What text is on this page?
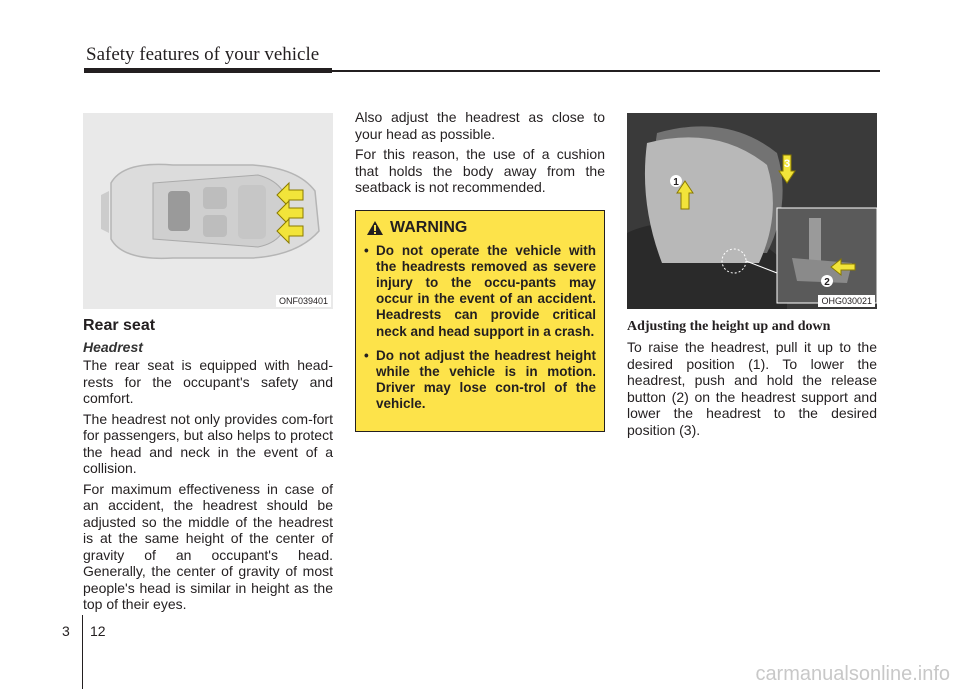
Safety features of your vehicle
ONF039401
Rear seat
Headrest

The rear seat is equipped with head-rests for the occupant's safety and comfort.

The headrest not only provides com-fort for passengers, but also helps to protect the head and neck in the event of a collision.

For maximum effectiveness in case of an accident, the headrest should be adjusted so the middle of the headrest is at the same height of the center of gravity of an occupant's head. Generally, the center of gravity of most people's head is similar in height as the top of their eyes.

Also adjust the headrest as close to your head as possible.

For this reason, the use of a cushion that holds the body away from the seatback is not recommended.

WARNING
• Do not operate the vehicle with the headrests removed as severe injury to the occu-pants may occur in the event of an accident. Headrests can provide critical neck and head support in a crash.
• Do not adjust the headrest height while the vehicle is in motion. Driver may lose con-trol of the vehicle.
1
2
3
OHG030021
Adjusting the height up and down

To raise the headrest, pull it up to the desired position (1). To lower the headrest, push and hold the release button (2) on the headrest support and lower the headrest to the desired position (3).

3 12
carmanualsonline.info
